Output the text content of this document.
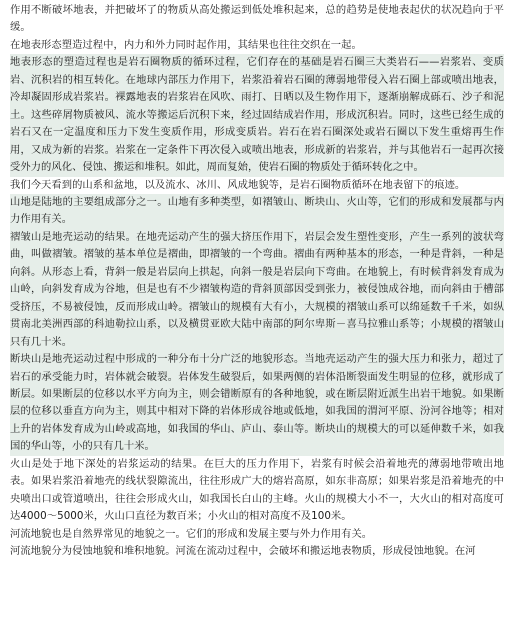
作用不断破坏地表，并把破坏了的物质从高处搬运到低处堆积起来，总的趋势是使地表起伏的状况趋向于平缓。

在地表形态塑造过程中，内力和外力同时起作用，其结果也往往交织在一起。

地表形态的塑造过程也是岩石圈物质的循环过程，它们存在的基础是岩石圈三大类岩石——岩浆岩、变质岩、沉积岩的相互转化。在地球内部压力作用下，岩浆沿着岩石圈的薄弱地带侵入岩石圈上部或喷出地表，冷却凝固形成岩浆岩。裸露地表的岩浆岩在风吹、雨打、日晒以及生物作用下，逐渐崩解成砾石、沙子和泥土。这些碎屑物质被风、流水等搬运后沉积下来，经过固结成岩作用，形成沉积岩。同时，这些已经生成的岩石又在一定温度和压力下发生变质作用，形成变质岩。岩石在岩石圈深处或岩石圈以下发生重熔再生作用，又成为新的岩浆。岩浆在一定条件下再次侵入或喷出地表，形成新的岩浆岩，并与其他岩石一起再次接受外力的风化、侵蚀、搬运和堆积。如此，周而复始，使岩石圈的物质处于循环转化之中。

我们今天看到的山系和盆地，以及流水、冰川、风成地貌等，是岩石圈物质循环在地表留下的痕迹。

山地是陆地的主要组成部分之一。山地有多种类型，如褶皱山、断块山、火山等，它们的形成和发展都与内力作用有关。

褶皱山是地壳运动的结果。在地壳运动产生的强大挤压作用下，岩层会发生塑性变形，产生一系列的波状弯曲，叫做褶皱。褶皱的基本单位是褶曲，即褶皱的一个弯曲。褶曲有两种基本的形态，一种是背斜，一种是向斜。从形态上看，背斜一般是岩层向上拱起，向斜一般是岩层向下弯曲。在地貌上，有时候背斜发育成为山岭，向斜发育成为谷地，但是也有不少褶皱构造的背斜顶部因受到张力，被侵蚀成谷地，而向斜由于槽部受挤压，不易被侵蚀，反而形成山岭。褶皱山的规模有大有小，大规模的褶皱山系可以绵延数千千米，如纵贯南北美洲西部的科迪勒拉山系，以及横贯亚欧大陆中南部的阿尔卑斯－喜马拉雅山系等；小规模的褶皱山只有几十米。

断块山是地壳运动过程中形成的一种分布十分广泛的地貌形态。当地壳运动产生的强大压力和张力，超过了岩石的承受能力时，岩体就会破裂。岩体发生破裂后，如果两侧的岩体沿断裂面发生明显的位移，就形成了断层。如果断层的位移以水平方向为主，则会错断原有的各种地貌，或在断层附近派生出岩干地貌。如果断层的位移以垂直方向为主，则其中相对下降的岩体形成谷地或低地，如我国的渭河平原、汾河谷地等；相对上升的岩体发育成为山岭或高地，如我国的华山、庐山、泰山等。断块山的规模大的可以延伸数千米，如我国的华山等，小的只有几十米。

火山是处于地下深处的岩浆运动的结果。在巨大的压力作用下，岩浆有时候会沿着地壳的薄弱地带喷出地表。如果岩浆沿着地壳的线状裂隙流出，往往形成广大的熔岩高原，如东非高原；如果岩浆是沿着地壳的中央喷出口或管道喷出，往往会形成火山，如我国长白山的主峰。火山的规模大小不一，大火山的相对高度可达4000～5000米，火山口直径为数百米；小火山的相对高度不及100米。

河流地貌也是自然界常见的地貌之一。它们的形成和发展主要与外力作用有关。

河流地貌分为侵蚀地貌和堆积地貌。河流在流动过程中，会破坏和搬运地表物质，形成侵蚀地貌。在河
